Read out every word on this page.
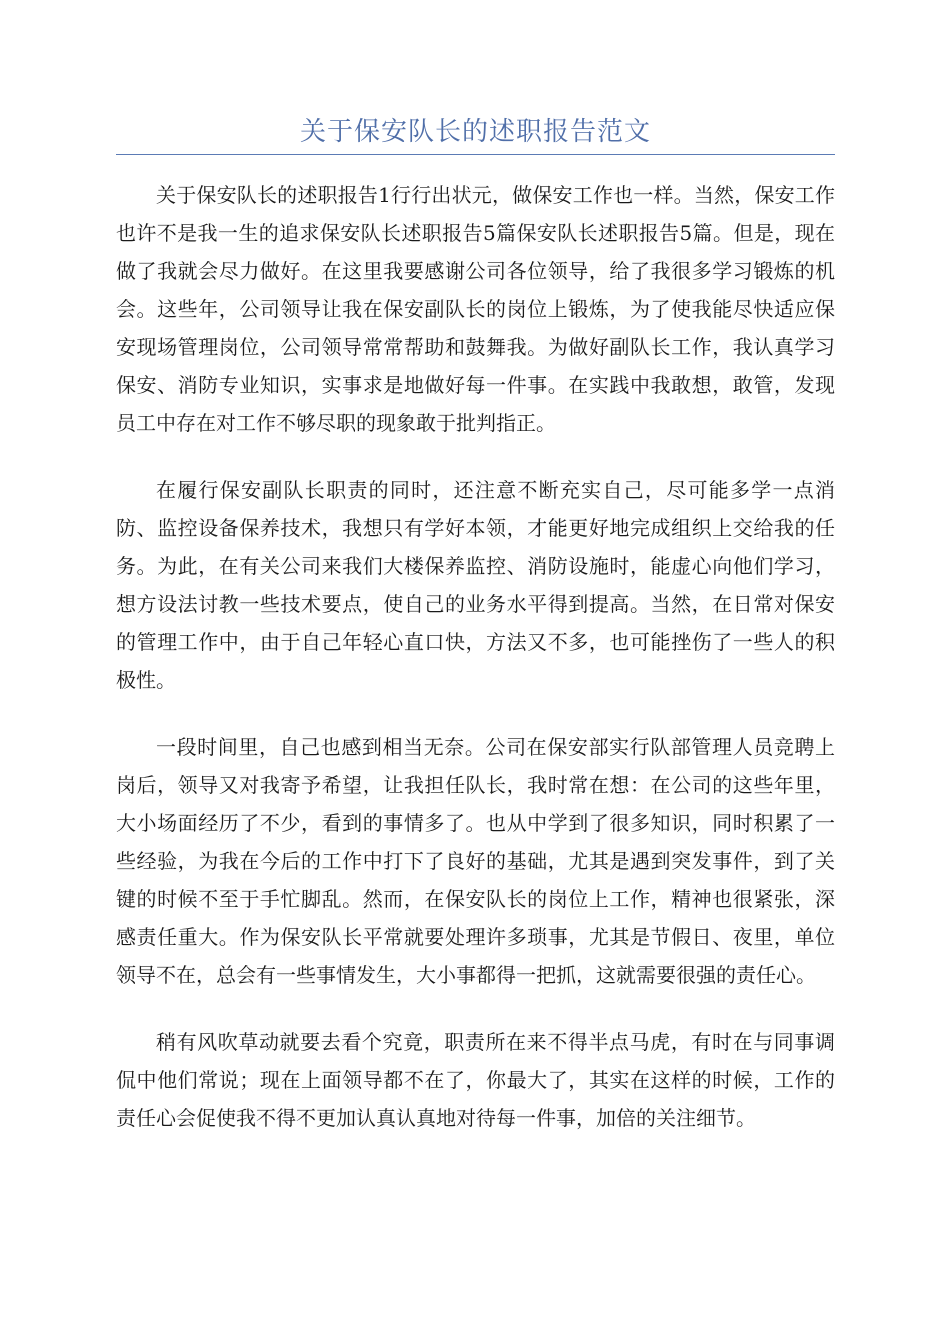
关于保安队长的述职报告范文

关于保安队长的述职报告1行行出状元，做保安工作也一样。当然，保安工作也许不是我一生的追求保安队长述职报告5篇保安队长述职报告5篇。但是，现在做了我就会尽力做好。在这里我要感谢公司各位领导，给了我很多学习锻炼的机会。这些年，公司领导让我在保安副队长的岗位上锻炼，为了使我能尽快适应保安现场管理岗位，公司领导常常帮助和鼓舞我。为做好副队长工作，我认真学习保安、消防专业知识，实事求是地做好每一件事。在实践中我敢想，敢管，发现员工中存在对工作不够尽职的现象敢于批判指正。

在履行保安副队长职责的同时，还注意不断充实自己，尽可能多学一点消防、监控设备保养技术，我想只有学好本领，才能更好地完成组织上交给我的任务。为此，在有关公司来我们大楼保养监控、消防设施时，能虚心向他们学习，想方设法讨教一些技术要点，使自己的业务水平得到提高。当然，在日常对保安的管理工作中，由于自己年轻心直口快，方法又不多，也可能挫伤了一些人的积极性。

一段时间里，自己也感到相当无奈。公司在保安部实行队部管理人员竞聘上岗后，领导又对我寄予希望，让我担任队长，我时常在想：在公司的这些年里，大小场面经历了不少，看到的事情多了。也从中学到了很多知识，同时积累了一些经验，为我在今后的工作中打下了良好的基础，尤其是遇到突发事件，到了关键的时候不至于手忙脚乱。然而，在保安队长的岗位上工作，精神也很紧张，深感责任重大。作为保安队长平常就要处理许多琐事，尤其是节假日、夜里，单位领导不在，总会有一些事情发生，大小事都得一把抓，这就需要很强的责任心。

稍有风吹草动就要去看个究竟，职责所在来不得半点马虎，有时在与同事调侃中他们常说；现在上面领导都不在了，你最大了，其实在这样的时候，工作的责任心会促使我不得不更加认真认真地对待每一件事，加倍的关注细节。
